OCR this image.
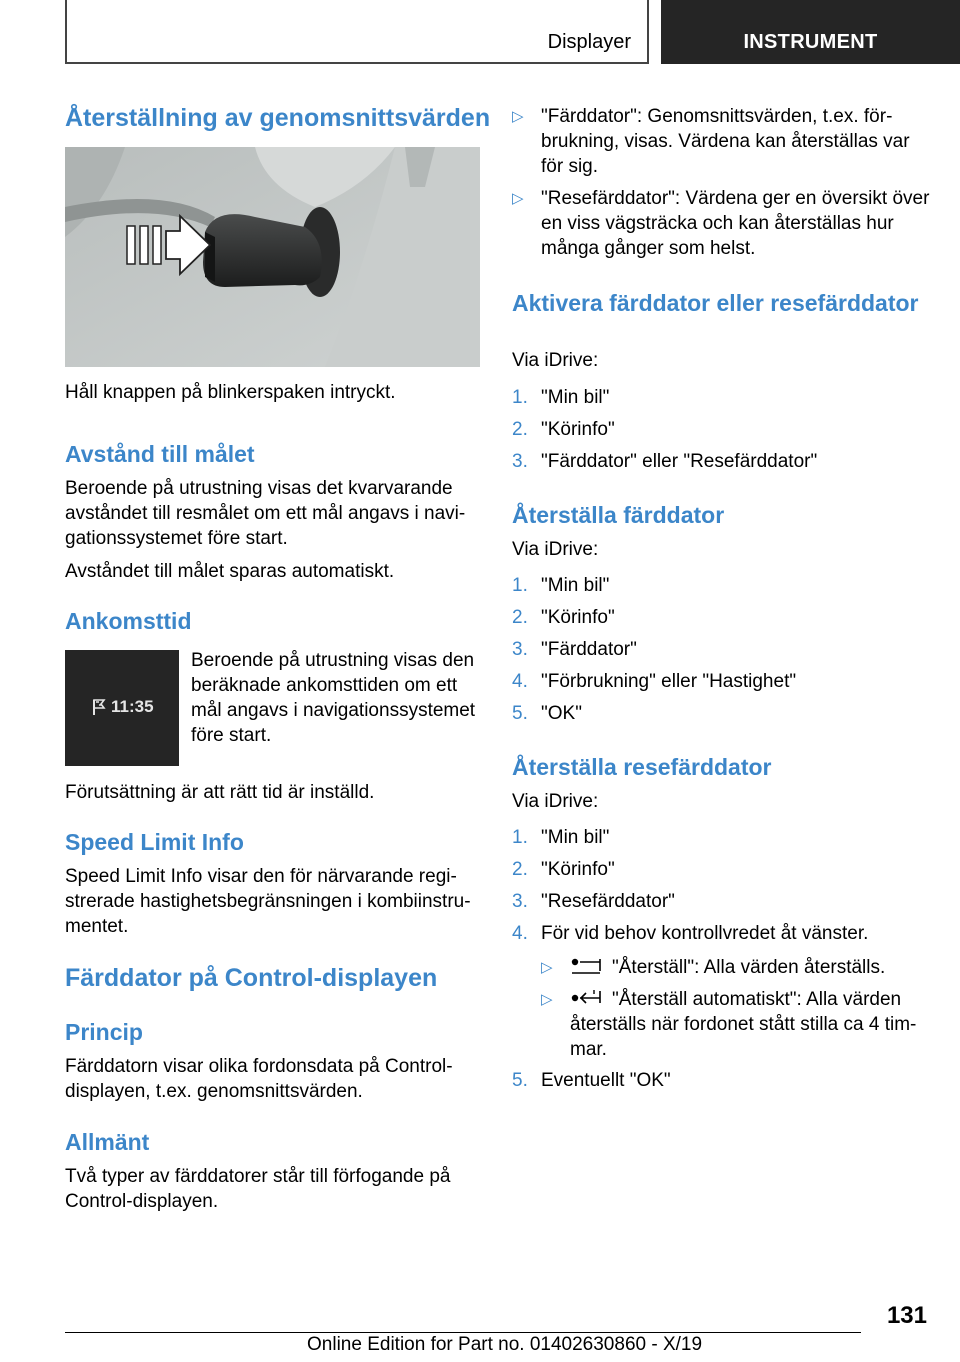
Displayer	INSTRUMENT
Återställning av genomsnittsvärden

Håll knappen på blinkerspaken intryckt.

Avstånd till målet

Beroende på utrustning visas det kvarvarande avståndet till resmålet om ett mål angavs i navigationssystemet före start.

Avståndet till målet sparas automatiskt.

Ankomsttid
11:35

Beroende på utrustning visas den beräknade ankomsttiden om ett mål angavs i navigationssystemet före start.

Förutsättning är att rätt tid är inställd.

Speed Limit Info

Speed Limit Info visar den för närvarande registrerade hastighetsbegränsningen i kombiinstrumentet.

Färddator på Control-displayen
Princip

Färddatorn visar olika fordonsdata på Control-displayen, t.ex. genomsnittsvärden.

Allmänt

Två typer av färddatorer står till förfogande på Control-displayen.

▷ "Färddator": Genomsnittsvärden, t.ex. förbrukning, visas. Värdena kan återställas var för sig.
▷ "Resefärddator": Värdena ger en översikt över en viss vägsträcka och kan återställas hur många gånger som helst.
Aktivera färddator eller resefärddator

Via iDrive:

1. "Min bil"
2. "Körinfo"
3. "Färddator" eller "Resefärddator"
Återställa färddator

Via iDrive:

1. "Min bil"
2. "Körinfo"
3. "Färddator"
4. "Förbrukning" eller "Hastighet"
5. "OK"
Återställa resefärddator

Via iDrive:

1. "Min bil"
2. "Körinfo"
3. "Resefärddator"
4. För vid behov kontrollvredet åt vänster.
▷	"Återställ": Alla värden återställs.
▷	"Återställ automatiskt": Alla värden
återställs när fordonet stått stilla ca 4 timmar.
5. Eventuellt "OK"
131
Online Edition for Part no. 01402630860 - X/19
